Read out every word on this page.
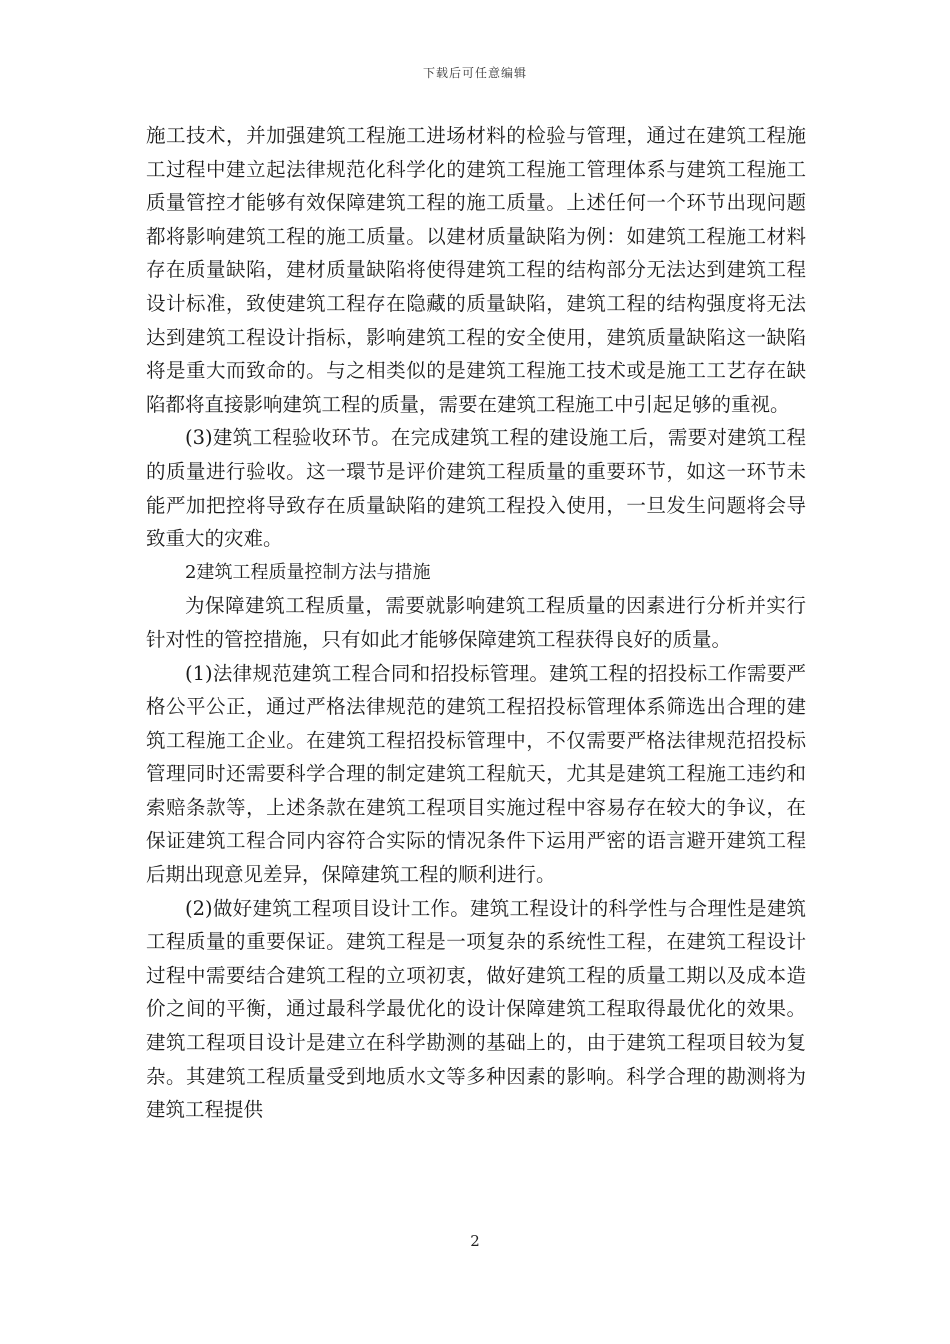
下载后可任意编辑

施工技术，并加强建筑工程施工进场材料的检验与管理，通过在建筑工程施工过程中建立起法律规范化科学化的建筑工程施工管理体系与建筑工程施工质量管控才能够有效保障建筑工程的施工质量。上述任何一个环节出现问题都将影响建筑工程的施工质量。以建材质量缺陷为例：如建筑工程施工材料存在质量缺陷，建材质量缺陷将使得建筑工程的结构部分无法达到建筑工程设计标准，致使建筑工程存在隐藏的质量缺陷，建筑工程的结构强度将无法达到建筑工程设计指标，影响建筑工程的安全使用，建筑质量缺陷这一缺陷将是重大而致命的。与之相类似的是建筑工程施工技术或是施工工艺存在缺陷都将直接影响建筑工程的质量，需要在建筑工程施工中引起足够的重视。

(3)建筑工程验收环节。在完成建筑工程的建设施工后，需要对建筑工程的质量进行验收。这一環节是评价建筑工程质量的重要环节，如这一环节未能严加把控将导致存在质量缺陷的建筑工程投入使用，一旦发生问题将会导致重大的灾难。

2建筑工程质量控制方法与措施

为保障建筑工程质量，需要就影响建筑工程质量的因素进行分析并实行针对性的管控措施，只有如此才能够保障建筑工程获得良好的质量。

(1)法律规范建筑工程合同和招投标管理。建筑工程的招投标工作需要严格公平公正，通过严格法律规范的建筑工程招投标管理体系筛选出合理的建筑工程施工企业。在建筑工程招投标管理中，不仅需要严格法律规范招投标管理同时还需要科学合理的制定建筑工程航天，尤其是建筑工程施工违约和索赔条款等，上述条款在建筑工程项目实施过程中容易存在较大的争议，在保证建筑工程合同内容符合实际的情况条件下运用严密的语言避开建筑工程后期出现意见差异，保障建筑工程的顺利进行。

(2)做好建筑工程项目设计工作。建筑工程设计的科学性与合理性是建筑工程质量的重要保证。建筑工程是一项复杂的系统性工程，在建筑工程设计过程中需要结合建筑工程的立项初衷，做好建筑工程的质量工期以及成本造价之间的平衡，通过最科学最优化的设计保障建筑工程取得最优化的效果。建筑工程项目设计是建立在科学勘测的基础上的，由于建筑工程项目较为复杂。其建筑工程质量受到地质水文等多种因素的影响。科学合理的勘测将为建筑工程提供

2
